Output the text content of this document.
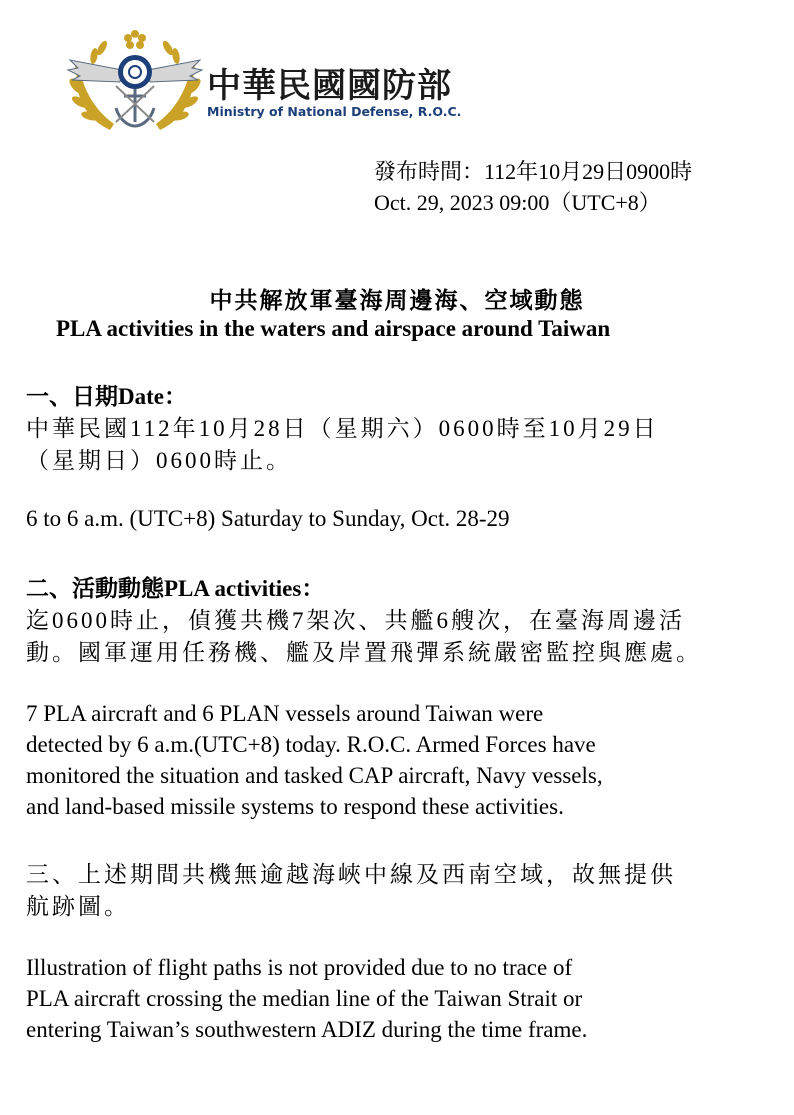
中華民國國防部
Ministry of National Defense, R.O.C.
發布時間：112年10月29日0900時
Oct. 29, 2023 09:00（UTC+8）
中共解放軍臺海周邊海、空域動態
PLA activities in the waters and airspace around Taiwan
一、日期Date：
中華民國112年10月28日（星期六）0600時至10月29日
（星期日）0600時止。
6 to 6 a.m. (UTC+8) Saturday to Sunday, Oct. 28-29
二、活動動態PLA activities：
迄0600時止，偵獲共機7架次、共艦6艘次，在臺海周邊活
動。國軍運用任務機、艦及岸置飛彈系統嚴密監控與應處。
7 PLA aircraft and 6 PLAN vessels around Taiwan were
detected by 6 a.m.(UTC+8) today. R.O.C. Armed Forces have
monitored the situation and tasked CAP aircraft, Navy vessels,
and land-based missile systems to respond these activities.
三、上述期間共機無逾越海峽中線及西南空域，故無提供
航跡圖。
Illustration of flight paths is not provided due to no trace of
PLA aircraft crossing the median line of the Taiwan Strait or
entering Taiwan’s southwestern ADIZ during the time frame.
